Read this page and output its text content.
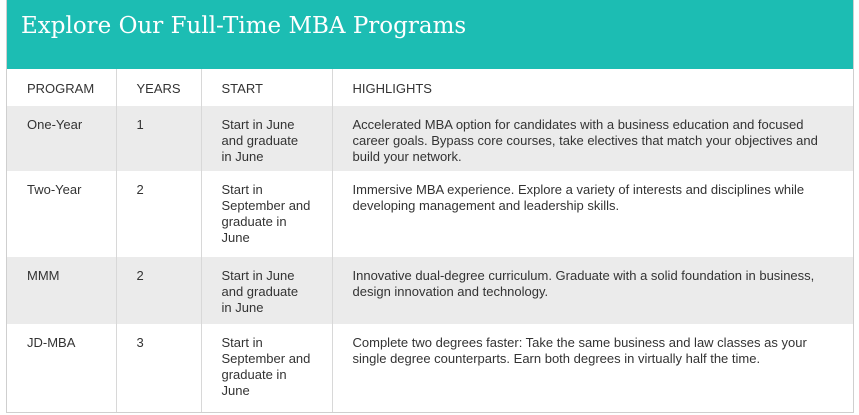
Explore Our Full-Time MBA Programs
PROGRAM	YEARS	START	HIGHLIGHTS
One-Year	1	Start in June and graduate in June	Accelerated MBA option for candidates with a business education and focused career goals. Bypass core courses, take electives that match your objectives and build your network.
Two-Year	2	Start in September and graduate in June	Immersive MBA experience. Explore a variety of interests and disciplines while developing management and leadership skills.
MMM	2	Start in June and graduate in June	Innovative dual-degree curriculum. Graduate with a solid foundation in business, design innovation and technology.
JD-MBA	3	Start in September and graduate in June	Complete two degrees faster: Take the same business and law classes as your single degree counterparts. Earn both degrees in virtually half the time.
